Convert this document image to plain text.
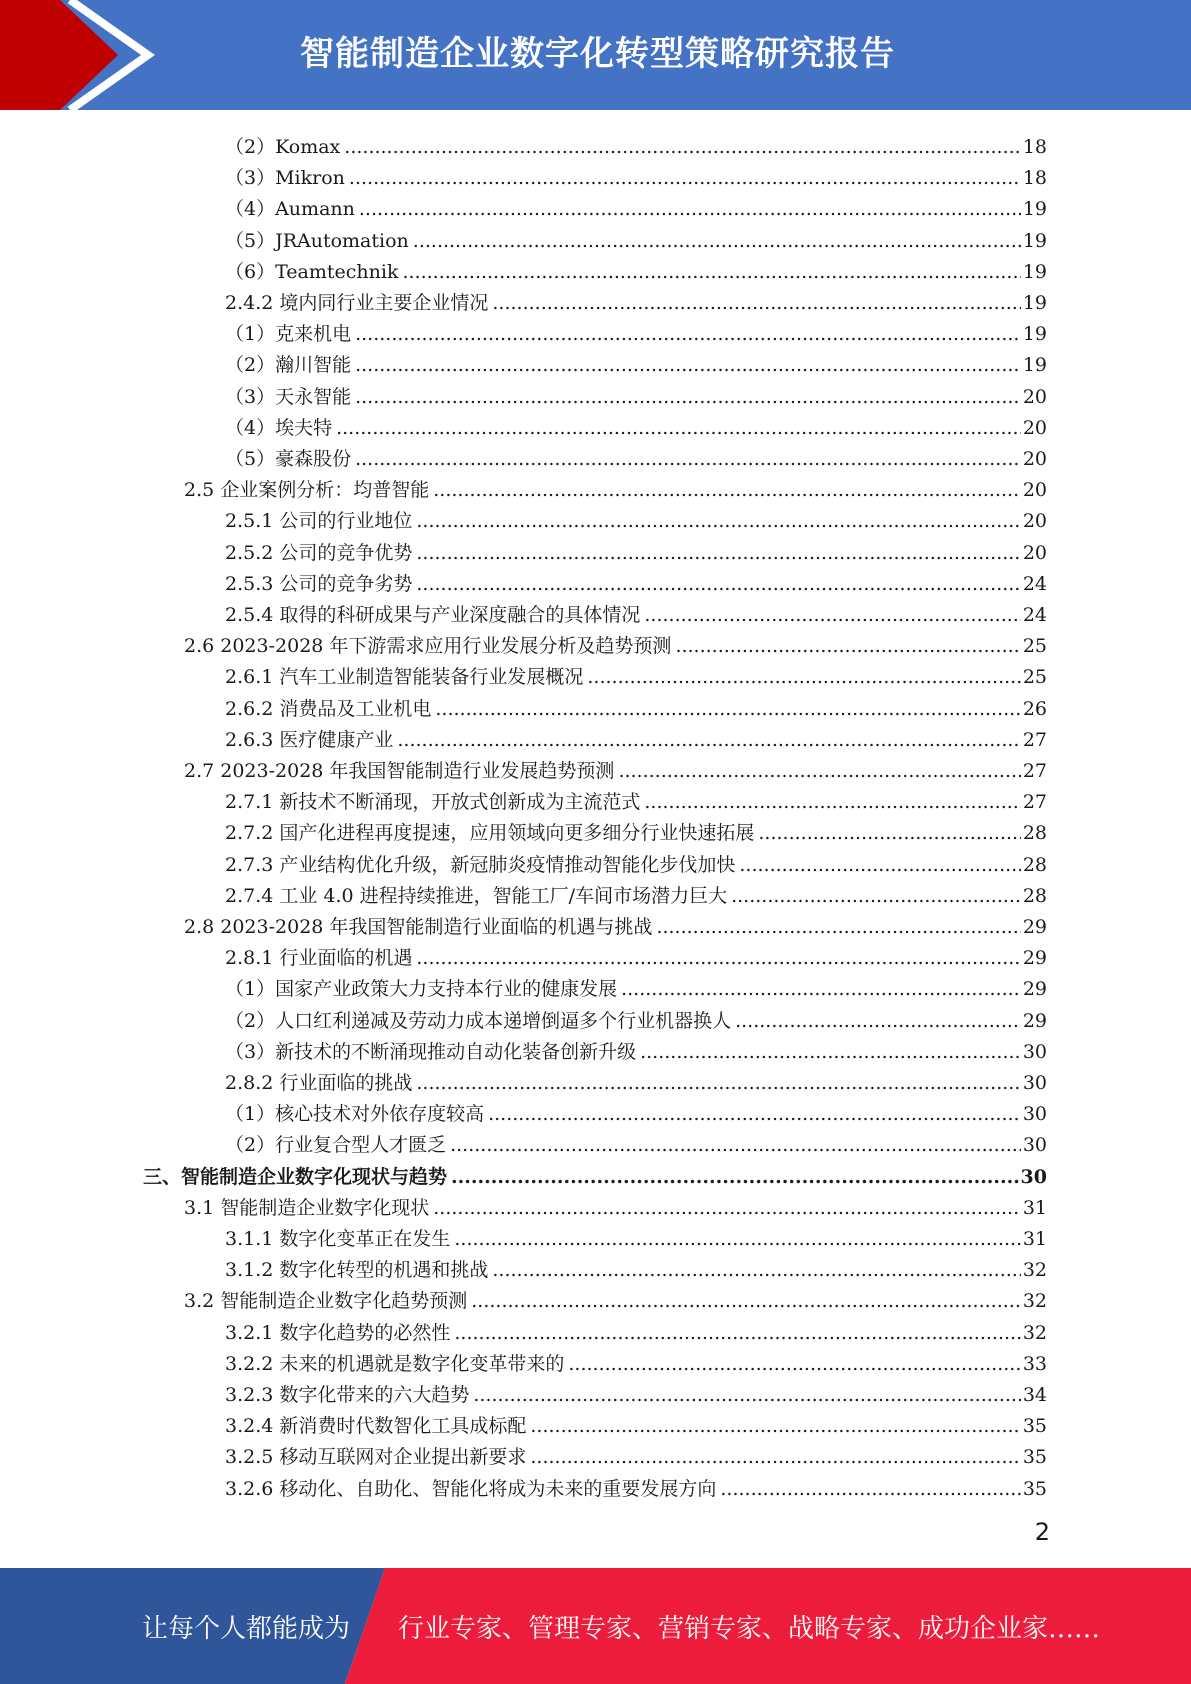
智能制造企业数字化转型策略研究报告
（2）Komax .....	18
（3）Mikron .....	18
（4）Aumann .....	19
（5）JRAutomation .....	19
（6）Teamtechnik .....	19
2.4.2 境内同行业主要企业情况 .....	19
（1）克来机电 .....	19
（2）瀚川智能 .....	19
（3）天永智能 .....	20
（4）埃夫特 .....	20
（5）豪森股份 .....	20
2.5 企业案例分析：均普智能 .....	20
2.5.1 公司的行业地位 .....	20
2.5.2 公司的竞争优势 .....	20
2.5.3 公司的竞争劣势 .....	24
2.5.4 取得的科研成果与产业深度融合的具体情况 .....	24
2.6 2023-2028 年下游需求应用行业发展分析及趋势预测 .....	25
2.6.1 汽车工业制造智能装备行业发展概况 .....	25
2.6.2 消费品及工业机电 .....	26
2.6.3 医疗健康产业 .....	27
2.7 2023-2028 年我国智能制造行业发展趋势预测 .....	27
2.7.1 新技术不断涌现，开放式创新成为主流范式 .....	27
2.7.2 国产化进程再度提速，应用领域向更多细分行业快速拓展 .....	28
2.7.3 产业结构优化升级，新冠肺炎疫情推动智能化步伐加快 .....	28
2.7.4 工业 4.0 进程持续推进，智能工厂/车间市场潜力巨大 .....	28
2.8 2023-2028 年我国智能制造行业面临的机遇与挑战 .....	29
2.8.1 行业面临的机遇 .....	29
（1）国家产业政策大力支持本行业的健康发展 .....	29
（2）人口红利递减及劳动力成本递增倒逼多个行业机器换人 .....	29
（3）新技术的不断涌现推动自动化装备创新升级 .....	30
2.8.2 行业面临的挑战 .....	30
（1）核心技术对外依存度较高 .....	30
（2）行业复合型人才匮乏 .....	30
三、智能制造企业数字化现状与趋势 .....	30
3.1 智能制造企业数字化现状 .....	31
3.1.1 数字化变革正在发生 .....	31
3.1.2 数字化转型的机遇和挑战 .....	32
3.2 智能制造企业数字化趋势预测 .....	32
3.2.1 数字化趋势的必然性 .....	32
3.2.2 未来的机遇就是数字化变革带来的 .....	33
3.2.3 数字化带来的六大趋势 .....	34
3.2.4 新消费时代数智化工具成标配 .....	35
3.2.5 移动互联网对企业提出新要求 .....	35
3.2.6 移动化、自助化、智能化将成为未来的重要发展方向 .....	35
2
让每个人都能成为 行业专家、管理专家、营销专家、战略专家、成功企业家……
